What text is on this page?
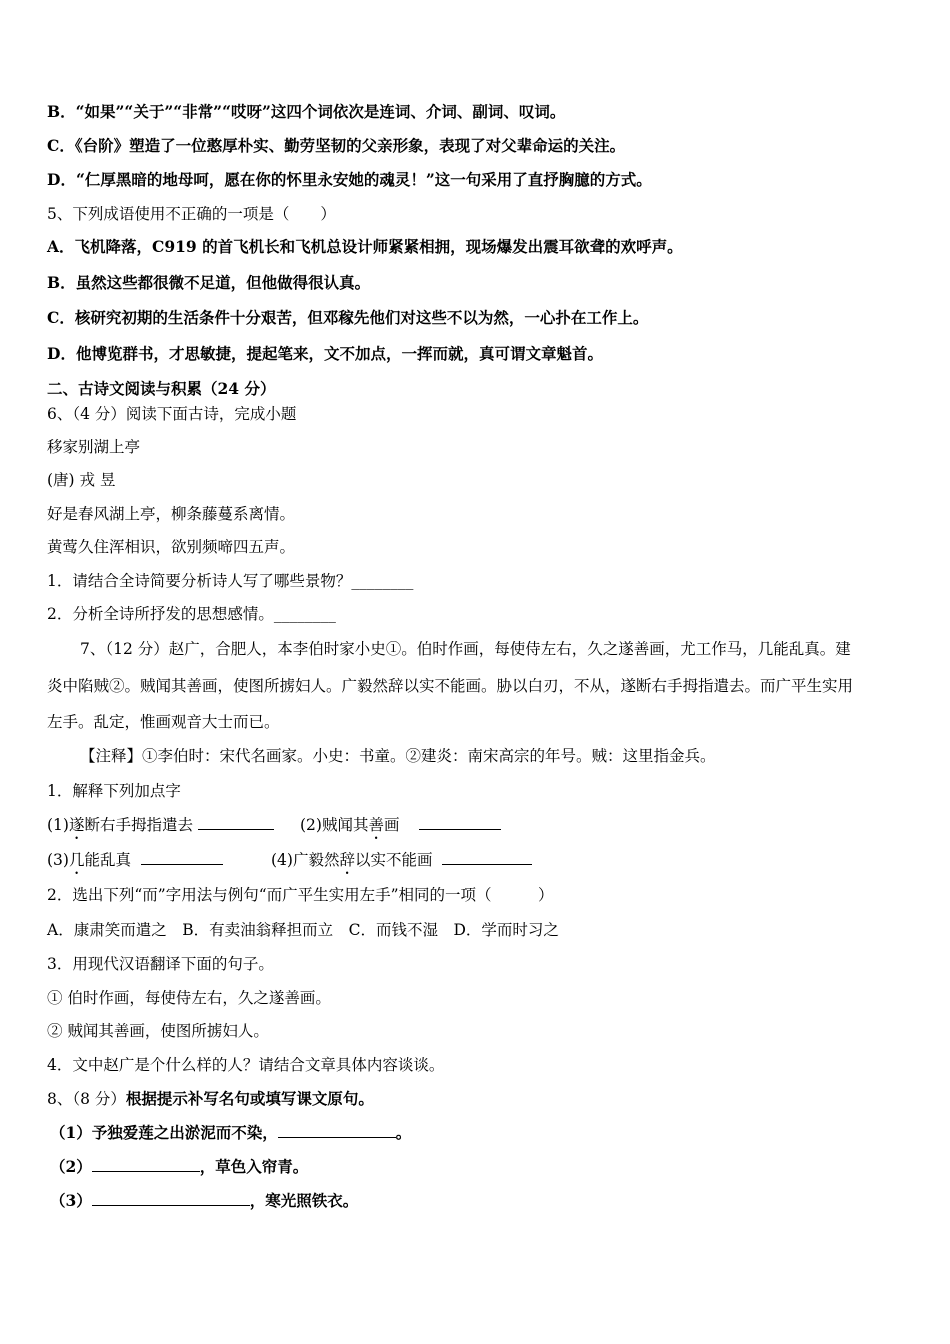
B．“如果”“关于”“非常”“哎呀”这四个词依次是连词、介词、副词、叹词。
C．《台阶》塑造了一位憨厚朴实、勤劳坚韧的父亲形象，表现了对父辈命运的关注。
D．“仁厚黑暗的地母呵，愿在你的怀里永安她的魂灵！”这一句采用了直抒胸臆的方式。
5、下列成语使用不正确的一项是（　　）
A．飞机降落，C919 的首飞机长和飞机总设计师紧紧相拥，现场爆发出震耳欲聋的欢呼声。
B．虽然这些都很微不足道，但他做得很认真。
C．核研究初期的生活条件十分艰苦，但邓稼先他们对这些不以为然，一心扑在工作上。
D．他博览群书，才思敏捷，提起笔来，文不加点，一挥而就，真可谓文章魁首。
二、古诗文阅读与积累（24 分）
6、（4 分）阅读下面古诗，完成小题
移家别湖上亭
(唐) 戎 昱
好是春风湖上亭，柳条藤蔓系离情。
黄莺久住浑相识，欲别频啼四五声。
1．请结合全诗简要分析诗人写了哪些景物？________
2．分析全诗所抒发的思想感情。________
7、（12 分）赵广，合肥人，本李伯时家小史①。伯时作画，每使侍左右，久之遂善画，尤工作马，几能乱真。建
炎中陷贼②。贼闻其善画，使图所掳妇人。广毅然辞以实不能画。胁以白刃，不从，遂断右手拇指遣去。而广平生实用
左手。乱定，惟画观音大士而已。
【注释】①李伯时：宋代名画家。小史：书童。②建炎：南宋高宗的年号。贼：这里指金兵。
1．解释下列加点字
(1)遂断右手拇指遣去	(2)贼闻其善画
(3)几能乱真	(4)广毅然辞以实不能画
2．选出下列“而”字用法与例句“而广平生实用左手”相同的一项（　　　）
A．康肃笑而遣之　B．有卖油翁释担而立　C．而钱不湿　D．学而时习之
3．用现代汉语翻译下面的句子。
① 伯时作画，每使侍左右，久之遂善画。
② 贼闻其善画，使图所掳妇人。
4．文中赵广是个什么样的人？请结合文章具体内容谈谈。
8、（8 分）根据提示补写名句或填写课文原句。
（1）予独爱莲之出淤泥而不染，	。
（2）	，草色入帘青。
（3）	，寒光照铁衣。
